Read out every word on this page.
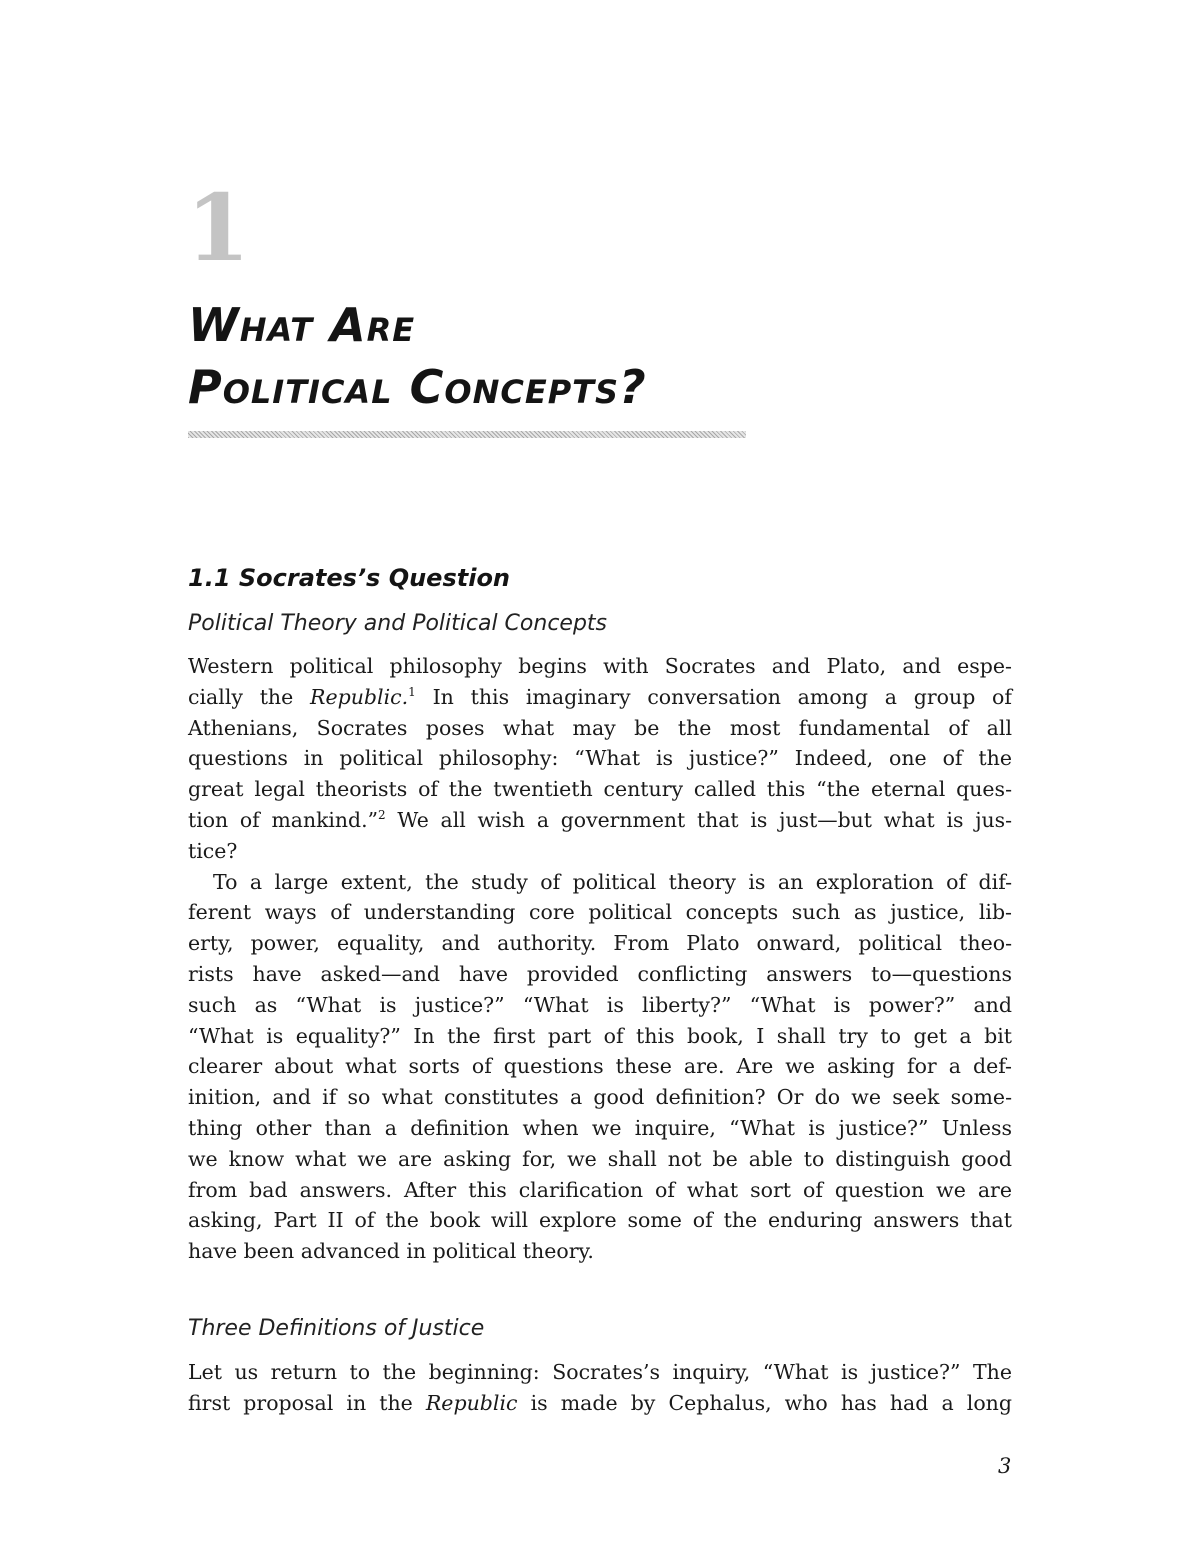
1
What Are
Political Concepts?
1.1 Socrates’s Question
Political Theory and Political Concepts

Western political philosophy begins with Socrates and Plato, and espe-
cially the Republic.$^1$ In this imaginary conversation among a group of
Athenians, Socrates poses what may be the most fundamental of all
questions in political philosophy: “What is justice?” Indeed, one of the
great legal theorists of the twentieth century called this “the eternal ques-
tion of mankind.”$^2$ We all wish a government that is just—but what is jus-
tice?

To a large extent, the study of political theory is an exploration of dif-
ferent ways of understanding core political concepts such as justice, lib-
erty, power, equality, and authority. From Plato onward, political theo-
rists have asked—and have provided conflicting answers to—questions
such as “What is justice?” “What is liberty?” “What is power?” and
“What is equality?” In the first part of this book, I shall try to get a bit
clearer about what sorts of questions these are. Are we asking for a def-
inition, and if so what constitutes a good definition? Or do we seek some-
thing other than a definition when we inquire, “What is justice?” Unless
we know what we are asking for, we shall not be able to distinguish good
from bad answers. After this clarification of what sort of question we are
asking, Part II of the book will explore some of the enduring answers that
have been advanced in political theory.

Three Definitions of Justice

Let us return to the beginning: Socrates’s inquiry, “What is justice?” The
first proposal in the Republic is made by Cephalus, who has had a long

3
